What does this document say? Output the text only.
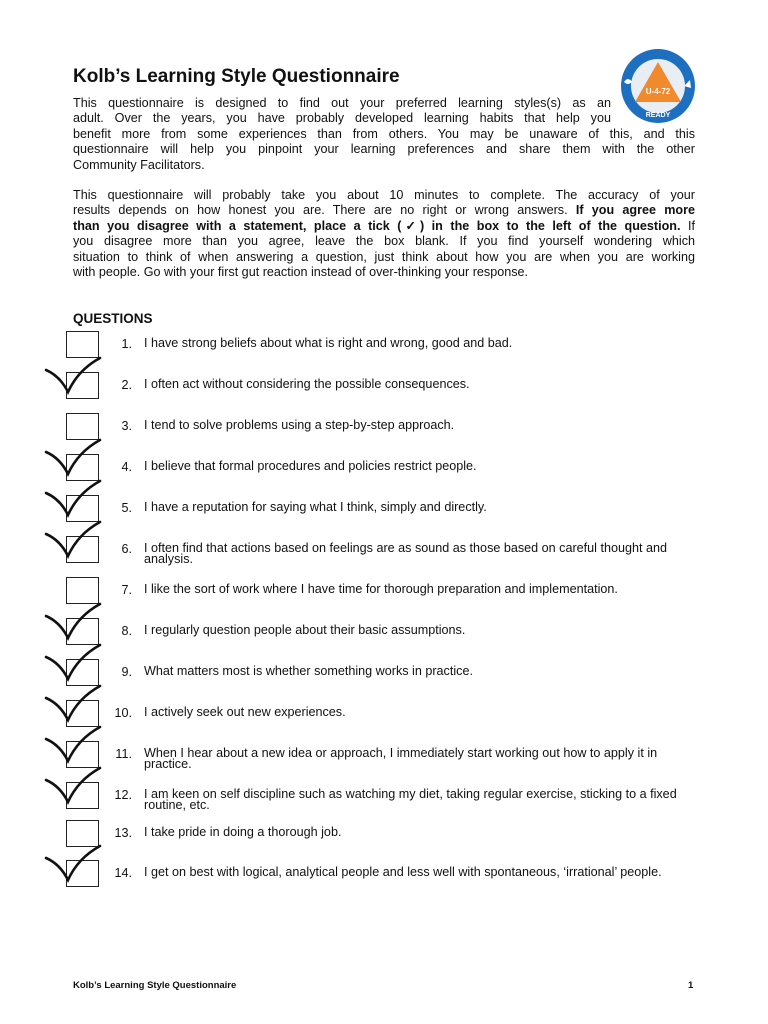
U-4-72
READY
Kolb’s Learning Style Questionnaire
This questionnaire is designed to find out your preferred learning styles(s) as an
adult. Over the years, you have probably developed learning habits that help you
benefit more from some experiences than from others. You may be unaware of this, and this
questionnaire will help you pinpoint your learning preferences and share them with the other
Community Facilitators.
This questionnaire will probably take you about 10 minutes to complete. The accuracy of your
results depends on how honest you are. There are no right or wrong answers. If you agree more
than you disagree with a statement, place a tick (✓) in the box to the left of the question. If
you disagree more than you agree, leave the box blank. If you find yourself wondering which
situation to think of when answering a question, just think about how you are when you are working
with people. Go with your first gut reaction instead of over-thinking your response.
QUESTIONS
1. I have strong beliefs about what is right and wrong, good and bad.
2. I often act without considering the possible consequences.
3. I tend to solve problems using a step-by-step approach.
4. I believe that formal procedures and policies restrict people.
5. I have a reputation for saying what I think, simply and directly.
6. I often find that actions based on feelings are as sound as those based on careful thought and analysis.
7. I like the sort of work where I have time for thorough preparation and implementation.
8. I regularly question people about their basic assumptions.
9. What matters most is whether something works in practice.
10. I actively seek out new experiences.
11. When I hear about a new idea or approach, I immediately start working out how to apply it in practice.
12. I am keen on self discipline such as watching my diet, taking regular exercise, sticking to a fixed routine, etc.
13. I take pride in doing a thorough job.
14. I get on best with logical, analytical people and less well with spontaneous, ‘irrational’ people.
Kolb’s Learning Style Questionnaire	1
